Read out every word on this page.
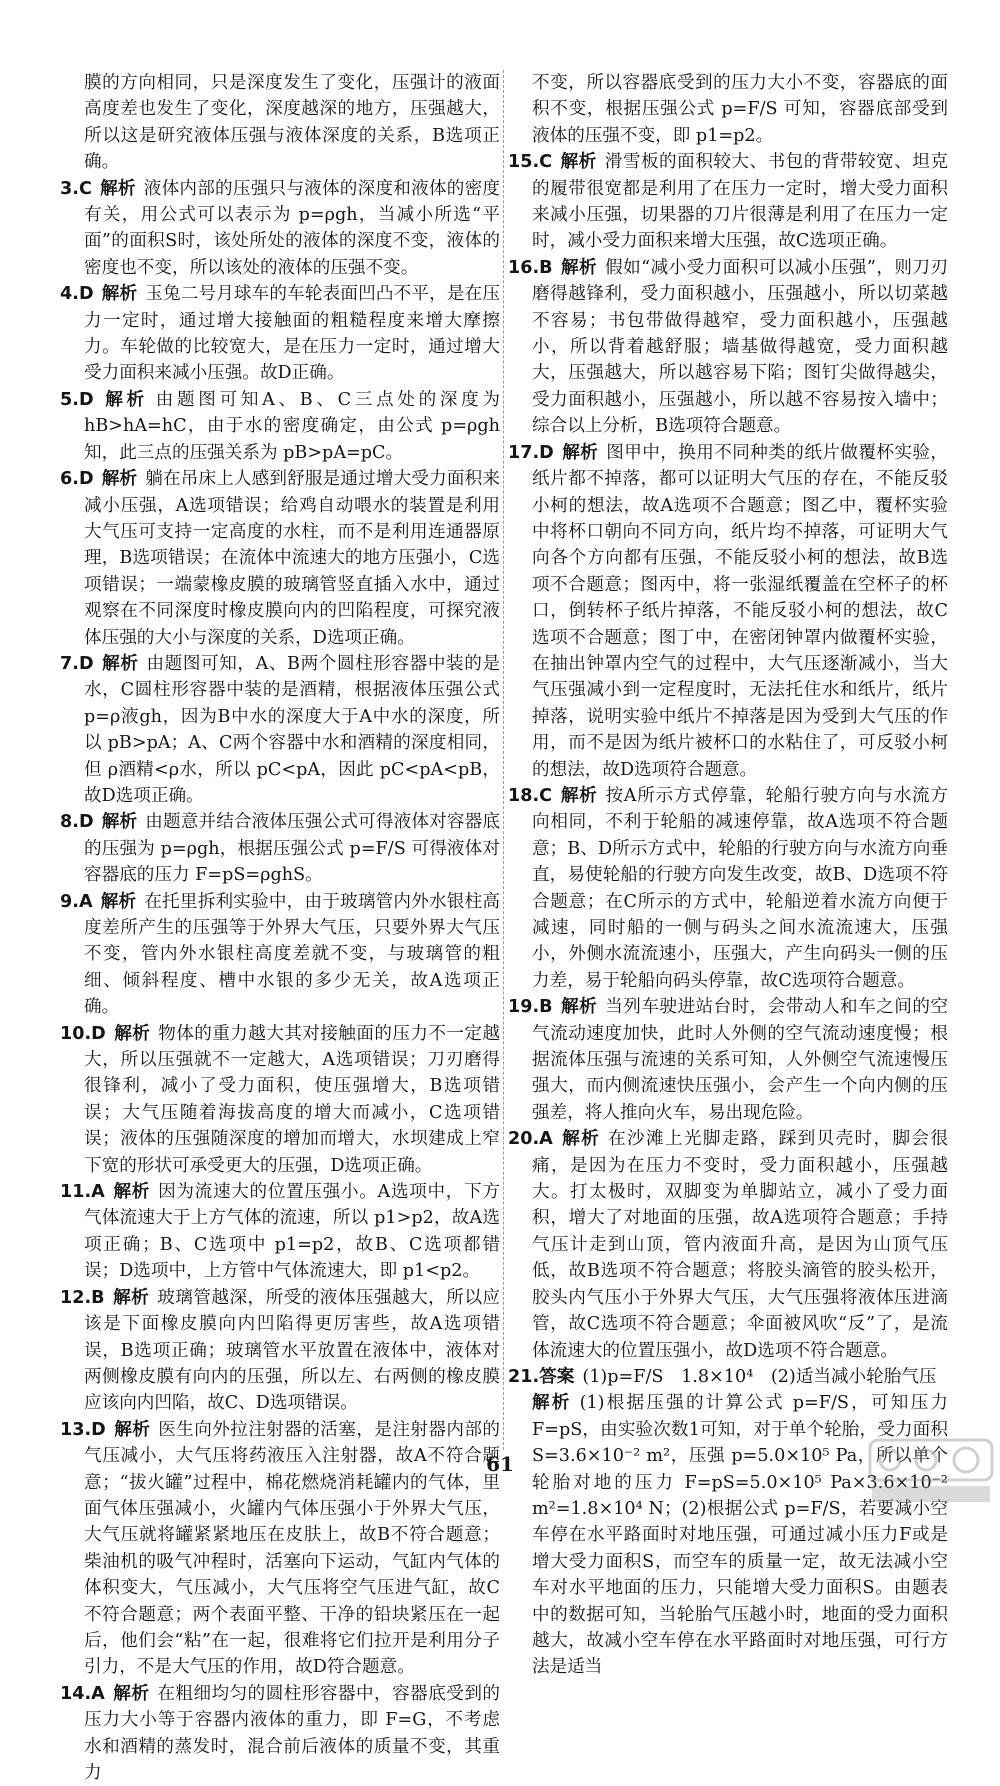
膜的方向相同，只是深度发生了变化，压强计的液面高度差也发生了变化，深度越深的地方，压强越大，所以这是研究液体压强与液体深度的关系，B选项正确。

3.C 解析 液体内部的压强只与液体的深度和液体的密度有关，用公式可以表示为 p=ρgh，当减小所选“平面”的面积S时，该处所处的液体的深度不变，液体的密度也不变，所以该处的液体的压强不变。

4.D 解析 玉兔二号月球车的车轮表面凹凸不平，是在压力一定时，通过增大接触面的粗糙程度来增大摩擦力。车轮做的比较宽大，是在压力一定时，通过增大受力面积来减小压强。故D正确。

5.D 解析 由题图可知A、B、C三点处的深度为 hB>hA=hC，由于水的密度确定，由公式 p=ρgh 知，此三点的压强关系为 pB>pA=pC。

6.D 解析 躺在吊床上人感到舒服是通过增大受力面积来减小压强，A选项错误；给鸡自动喂水的装置是利用大气压可支持一定高度的水柱，而不是利用连通器原理，B选项错误；在流体中流速大的地方压强小，C选项错误；一端蒙橡皮膜的玻璃管竖直插入水中，通过观察在不同深度时橡皮膜向内的凹陷程度，可探究液体压强的大小与深度的关系，D选项正确。

7.D 解析 由题图可知，A、B两个圆柱形容器中装的是水，C圆柱形容器中装的是酒精，根据液体压强公式 p=ρ液gh，因为B中水的深度大于A中水的深度，所以 pB>pA；A、C两个容器中水和酒精的深度相同，但 ρ酒精<ρ水，所以 pC<pA，因此 pC<pA<pB，故D选项正确。

8.D 解析 由题意并结合液体压强公式可得液体对容器底的压强为 p=ρgh，根据压强公式 p=F/S 可得液体对容器底的压力 F=pS=ρghS。

9.A 解析 在托里拆利实验中，由于玻璃管内外水银柱高度差所产生的压强等于外界大气压，只要外界大气压不变，管内外水银柱高度差就不变，与玻璃管的粗细、倾斜程度、槽中水银的多少无关，故A选项正确。

10.D 解析 物体的重力越大其对接触面的压力不一定越大，所以压强就不一定越大，A选项错误；刀刃磨得很锋利，减小了受力面积，使压强增大，B选项错误；大气压随着海拔高度的增大而减小，C选项错误；液体的压强随深度的增加而增大，水坝建成上窄下宽的形状可承受更大的压强，D选项正确。

11.A 解析 因为流速大的位置压强小。A选项中，下方气体流速大于上方气体的流速，所以 p1>p2，故A选项正确；B、C选项中 p1=p2，故B、C选项都错误；D选项中，上方管中气体流速大，即 p1<p2。

12.B 解析 玻璃管越深，所受的液体压强越大，所以应该是下面橡皮膜向内凹陷得更厉害些，故A选项错误，B选项正确；玻璃管水平放置在液体中，液体对两侧橡皮膜有向内的压强，所以左、右两侧的橡皮膜应该向内凹陷，故C、D选项错误。

13.D 解析 医生向外拉注射器的活塞，是注射器内部的气压减小，大气压将药液压入注射器，故A不符合题意；“拔火罐”过程中，棉花燃烧消耗罐内的气体，里面气体压强减小，火罐内气体压强小于外界大气压，大气压就将罐紧紧地压在皮肤上，故B不符合题意；柴油机的吸气冲程时，活塞向下运动，气缸内气体的体积变大，气压减小，大气压将空气压进气缸，故C不符合题意；两个表面平整、干净的铅块紧压在一起后，他们会“粘”在一起，很难将它们拉开是利用分子引力，不是大气压的作用，故D符合题意。

14.A 解析 在粗细均匀的圆柱形容器中，容器底受到的压力大小等于容器内液体的重力，即 F=G，不考虑水和酒精的蒸发时，混合前后液体的质量不变，其重力

不变，所以容器底受到的压力大小不变，容器底的面积不变，根据压强公式 p=F/S 可知，容器底部受到液体的压强不变，即 p1=p2。

15.C 解析 滑雪板的面积较大、书包的背带较宽、坦克的履带很宽都是利用了在压力一定时，增大受力面积来减小压强，切果器的刀片很薄是利用了在压力一定时，减小受力面积来增大压强，故C选项正确。

16.B 解析 假如“减小受力面积可以减小压强”，则刀刃磨得越锋利，受力面积越小，压强越小，所以切菜越不容易；书包带做得越窄，受力面积越小，压强越小，所以背着越舒服；墙基做得越宽，受力面积越大，压强越大，所以越容易下陷；图钉尖做得越尖，受力面积越小，压强越小，所以越不容易按入墙中；综合以上分析，B选项符合题意。

17.D 解析 图甲中，换用不同种类的纸片做覆杯实验，纸片都不掉落，都可以证明大气压的存在，不能反驳小柯的想法，故A选项不合题意；图乙中，覆杯实验中将杯口朝向不同方向，纸片均不掉落，可证明大气向各个方向都有压强，不能反驳小柯的想法，故B选项不合题意；图丙中，将一张湿纸覆盖在空杯子的杯口，倒转杯子纸片掉落，不能反驳小柯的想法，故C选项不合题意；图丁中，在密闭钟罩内做覆杯实验，在抽出钟罩内空气的过程中，大气压逐渐减小，当大气压强减小到一定程度时，无法托住水和纸片，纸片掉落，说明实验中纸片不掉落是因为受到大气压的作用，而不是因为纸片被杯口的水粘住了，可反驳小柯的想法，故D选项符合题意。

18.C 解析 按A所示方式停靠，轮船行驶方向与水流方向相同，不利于轮船的减速停靠，故A选项不符合题意；B、D所示方式中，轮船的行驶方向与水流方向垂直，易使轮船的行驶方向发生改变，故B、D选项不符合题意；在C所示的方式中，轮船逆着水流方向便于减速，同时船的一侧与码头之间水流流速大，压强小，外侧水流流速小，压强大，产生向码头一侧的压力差，易于轮船向码头停靠，故C选项符合题意。

19.B 解析 当列车驶进站台时，会带动人和车之间的空气流动速度加快，此时人外侧的空气流动速度慢；根据流体压强与流速的关系可知，人外侧空气流速慢压强大，而内侧流速快压强小，会产生一个向内侧的压强差，将人推向火车，易出现危险。

20.A 解析 在沙滩上光脚走路，踩到贝壳时，脚会很痛，是因为在压力不变时，受力面积越小，压强越大。打太极时，双脚变为单脚站立，减小了受力面积，增大了对地面的压强，故A选项符合题意；手持气压计走到山顶，管内液面升高，是因为山顶气压低，故B选项不符合题意；将胶头滴管的胶头松开，胶头内气压小于外界大气压，大气压强将液体压进滴管，故C选项不符合题意；伞面被风吹“反”了，是流体流速大的位置压强小，故D选项不符合题意。

21.答案 (1)p=F/S　1.8×10⁴　(2)适当减小轮胎气压

解析 (1)根据压强的计算公式 p=F/S，可知压力 F=pS，由实验次数1可知，对于单个轮胎，受力面积 S=3.6×10⁻² m²，压强 p=5.0×10⁵ Pa，所以单个轮胎对地的压力 F=pS=5.0×10⁵ Pa×3.6×10⁻² m²=1.8×10⁴ N；(2)根据公式 p=F/S，若要减小空车停在水平路面时对地压强，可通过减小压力F或是增大受力面积S，而空车的质量一定，故无法减小空车对水平地面的压力，只能增大受力面积S。由题表中的数据可知，当轮胎气压越小时，地面的受力面积越大，故减小空车停在水平路面时对地压强，可行方法是适当

61
